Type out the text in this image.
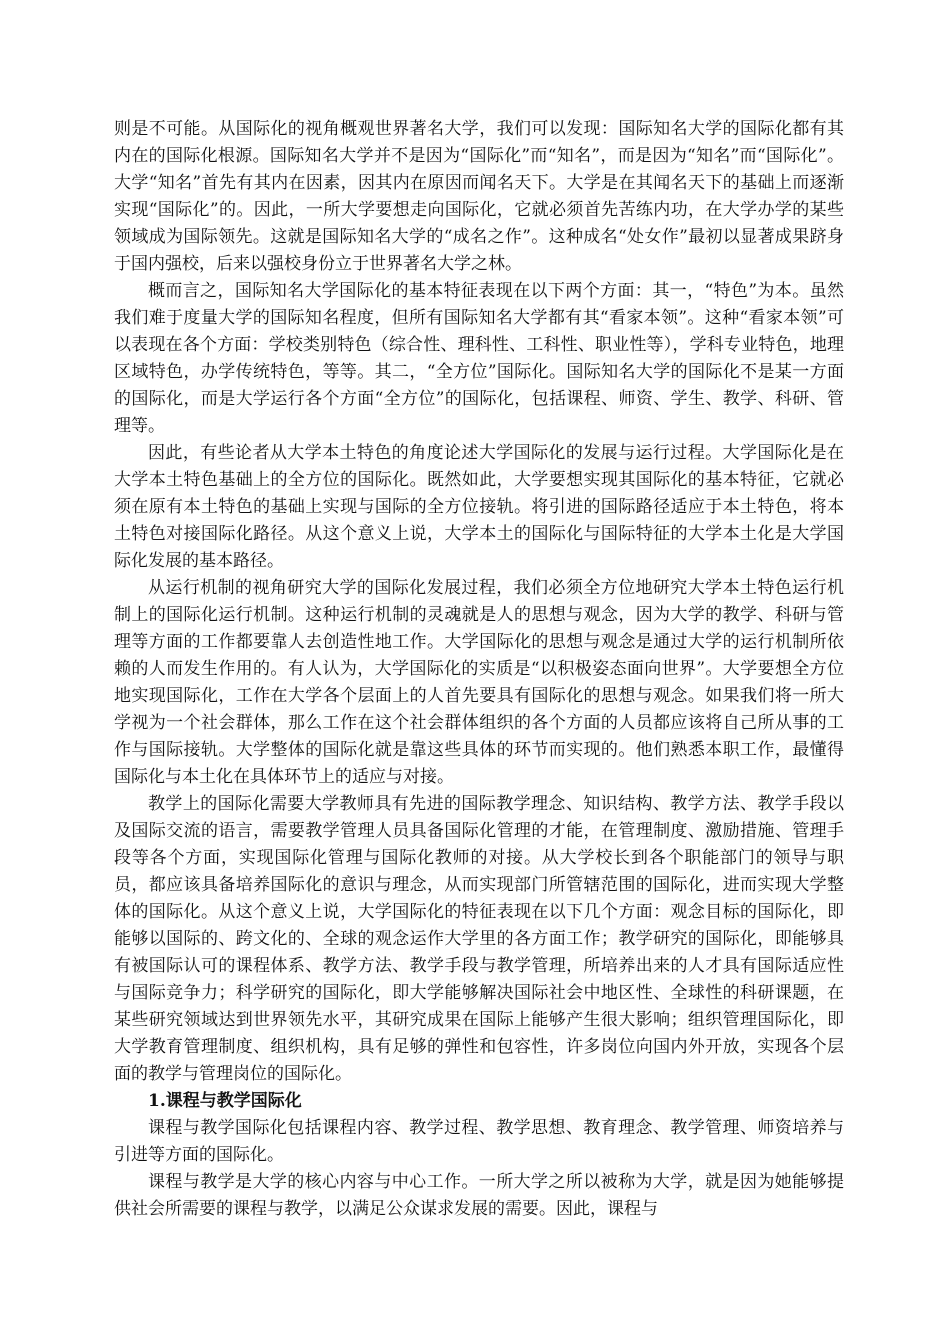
则是不可能。从国际化的视角概观世界著名大学，我们可以发现：国际知名大学的国际化都有其内在的国际化根源。国际知名大学并不是因为“国际化”而“知名”，而是因为“知名”而“国际化”。大学“知名”首先有其内在因素，因其内在原因而闻名天下。大学是在其闻名天下的基础上而逐渐实现“国际化”的。因此，一所大学要想走向国际化，它就必须首先苦练内功，在大学办学的某些领域成为国际领先。这就是国际知名大学的“成名之作”。这种成名“处女作”最初以显著成果跻身于国内强校，后来以强校身份立于世界著名大学之林。

概而言之，国际知名大学国际化的基本特征表现在以下两个方面：其一，“特色”为本。虽然我们难于度量大学的国际知名程度，但所有国际知名大学都有其“看家本领”。这种“看家本领”可以表现在各个方面：学校类别特色（综合性、理科性、工科性、职业性等），学科专业特色，地理区域特色，办学传统特色，等等。其二，“全方位”国际化。国际知名大学的国际化不是某一方面的国际化，而是大学运行各个方面“全方位”的国际化，包括课程、师资、学生、教学、科研、管理等。

因此，有些论者从大学本土特色的角度论述大学国际化的发展与运行过程。大学国际化是在大学本土特色基础上的全方位的国际化。既然如此，大学要想实现其国际化的基本特征，它就必须在原有本土特色的基础上实现与国际的全方位接轨。将引进的国际路径适应于本土特色，将本土特色对接国际化路径。从这个意义上说，大学本土的国际化与国际特征的大学本土化是大学国际化发展的基本路径。

从运行机制的视角研究大学的国际化发展过程，我们必须全方位地研究大学本土特色运行机制上的国际化运行机制。这种运行机制的灵魂就是人的思想与观念，因为大学的教学、科研与管理等方面的工作都要靠人去创造性地工作。大学国际化的思想与观念是通过大学的运行机制所依赖的人而发生作用的。有人认为，大学国际化的实质是“以积极姿态面向世界”。大学要想全方位地实现国际化，工作在大学各个层面上的人首先要具有国际化的思想与观念。如果我们将一所大学视为一个社会群体，那么工作在这个社会群体组织的各个方面的人员都应该将自己所从事的工作与国际接轨。大学整体的国际化就是靠这些具体的环节而实现的。他们熟悉本职工作，最懂得国际化与本土化在具体环节上的适应与对接。

教学上的国际化需要大学教师具有先进的国际教学理念、知识结构、教学方法、教学手段以及国际交流的语言，需要教学管理人员具备国际化管理的才能，在管理制度、激励措施、管理手段等各个方面，实现国际化管理与国际化教师的对接。从大学校长到各个职能部门的领导与职员，都应该具备培养国际化的意识与理念，从而实现部门所管辖范围的国际化，进而实现大学整体的国际化。从这个意义上说，大学国际化的特征表现在以下几个方面：观念目标的国际化，即能够以国际的、跨文化的、全球的观念运作大学里的各方面工作；教学研究的国际化，即能够具有被国际认可的课程体系、教学方法、教学手段与教学管理，所培养出来的人才具有国际适应性与国际竞争力；科学研究的国际化，即大学能够解决国际社会中地区性、全球性的科研课题，在某些研究领域达到世界领先水平，其研究成果在国际上能够产生很大影响；组织管理国际化，即大学教育管理制度、组织机构，具有足够的弹性和包容性，许多岗位向国内外开放，实现各个层面的教学与管理岗位的国际化。

1.课程与教学国际化

课程与教学国际化包括课程内容、教学过程、教学思想、教育理念、教学管理、师资培养与引进等方面的国际化。

课程与教学是大学的核心内容与中心工作。一所大学之所以被称为大学，就是因为她能够提供社会所需要的课程与教学，以满足公众谋求发展的需要。因此，课程与
